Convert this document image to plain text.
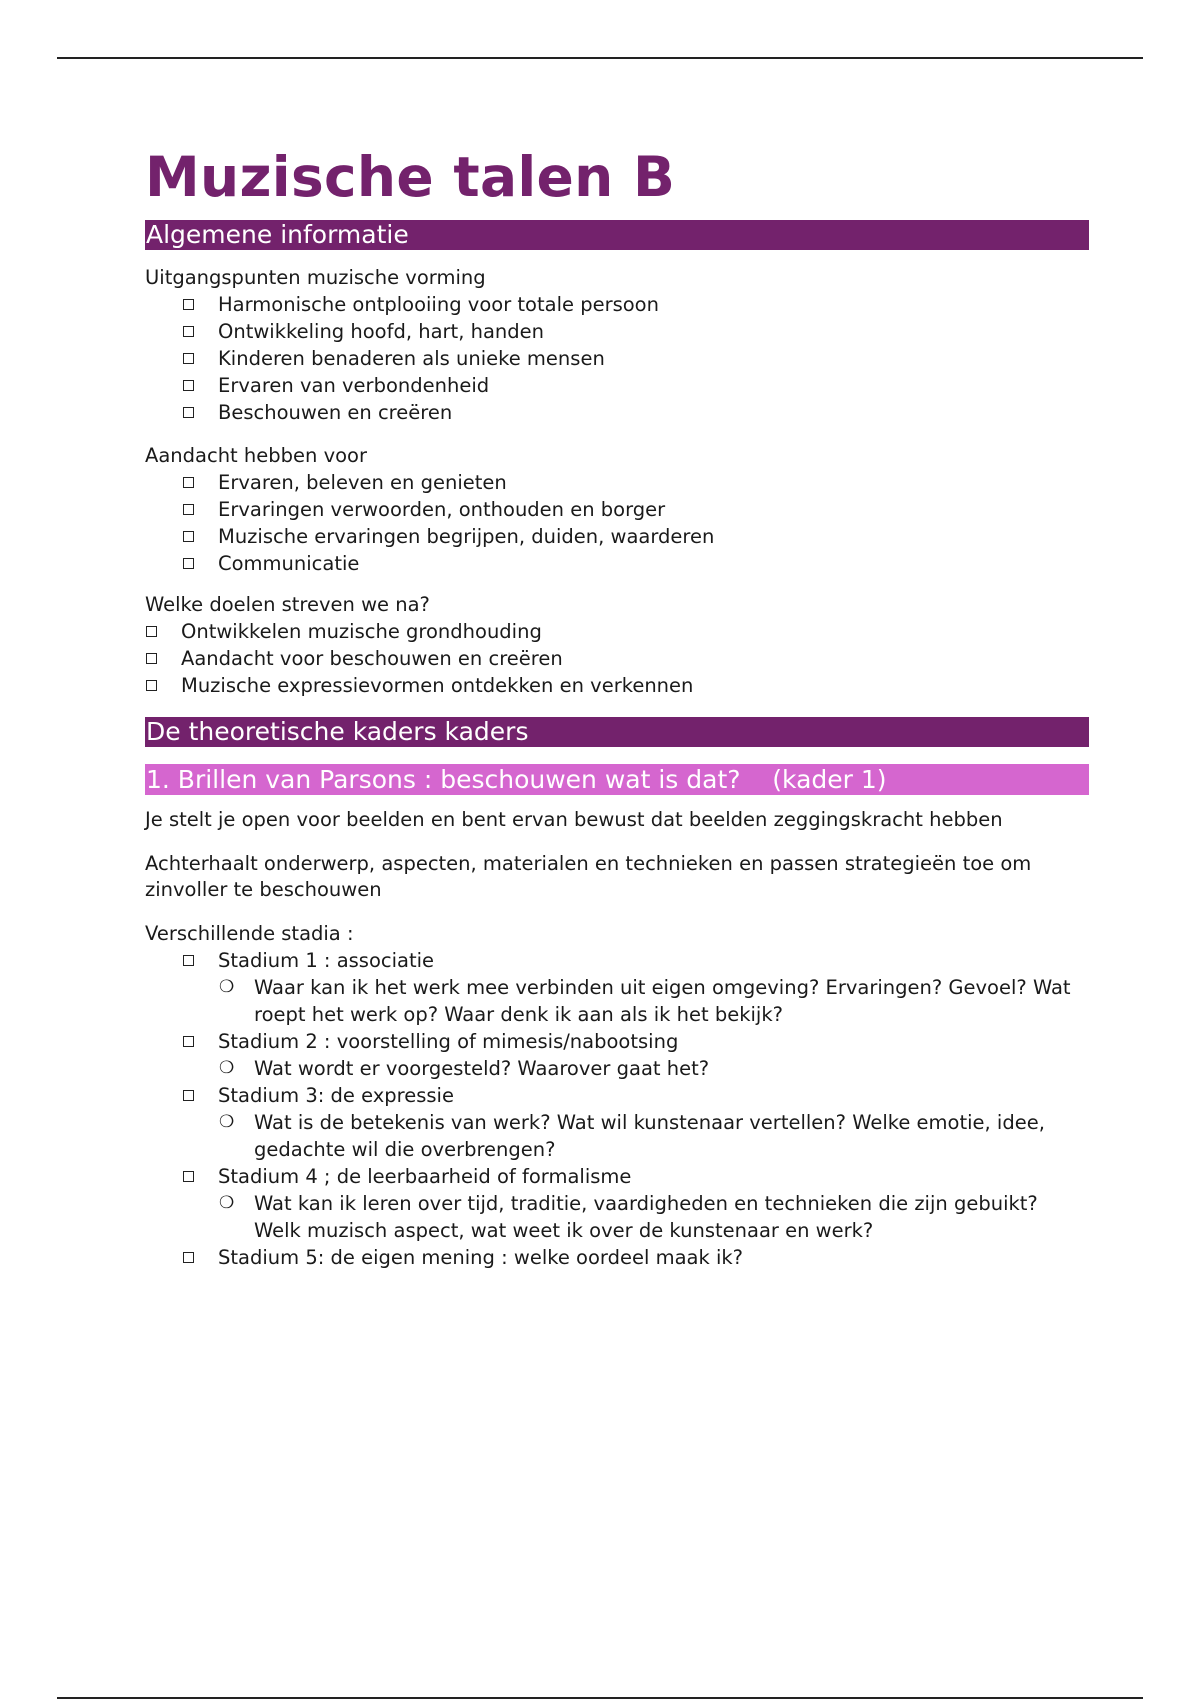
Muzische talen B
Algemene informatie

Uitgangspunten muzische vorming

Harmonische ontplooiing voor totale persoon
Ontwikkeling hoofd, hart, handen
Kinderen benaderen als unieke mensen
Ervaren van verbondenheid
Beschouwen en creëren

Aandacht hebben voor

Ervaren, beleven en genieten
Ervaringen verwoorden, onthouden en borger
Muzische ervaringen begrijpen, duiden, waarderen
Communicatie

Welke doelen streven we na?

Ontwikkelen muzische grondhouding
Aandacht voor beschouwen en creëren
Muzische expressievormen ontdekken en verkennen
De theoretische kaders kaders
1. Brillen van Parsons : beschouwen wat is dat?    (kader 1)

Je stelt je open voor beelden en bent ervan bewust dat beelden zeggingskracht hebben

Achterhaalt onderwerp, aspecten, materialen en technieken en passen strategieën toe om zinvoller te beschouwen

Verschillende stadia :

Stadium 1 : associatie
❍ Waar kan ik het werk mee verbinden uit eigen omgeving? Ervaringen? Gevoel? Wat roept het werk op? Waar denk ik aan als ik het bekijk?
Stadium 2 : voorstelling of mimesis/nabootsing
❍ Wat wordt er voorgesteld? Waarover gaat het?
Stadium 3: de expressie
❍ Wat is de betekenis van werk? Wat wil kunstenaar vertellen? Welke emotie, idee, gedachte wil die overbrengen?
Stadium 4 ; de leerbaarheid of formalisme
❍ Wat kan ik leren over tijd, traditie, vaardigheden en technieken die zijn gebuikt? Welk muzisch aspect, wat weet ik over de kunstenaar en werk?
Stadium 5: de eigen mening : welke oordeel maak ik?
